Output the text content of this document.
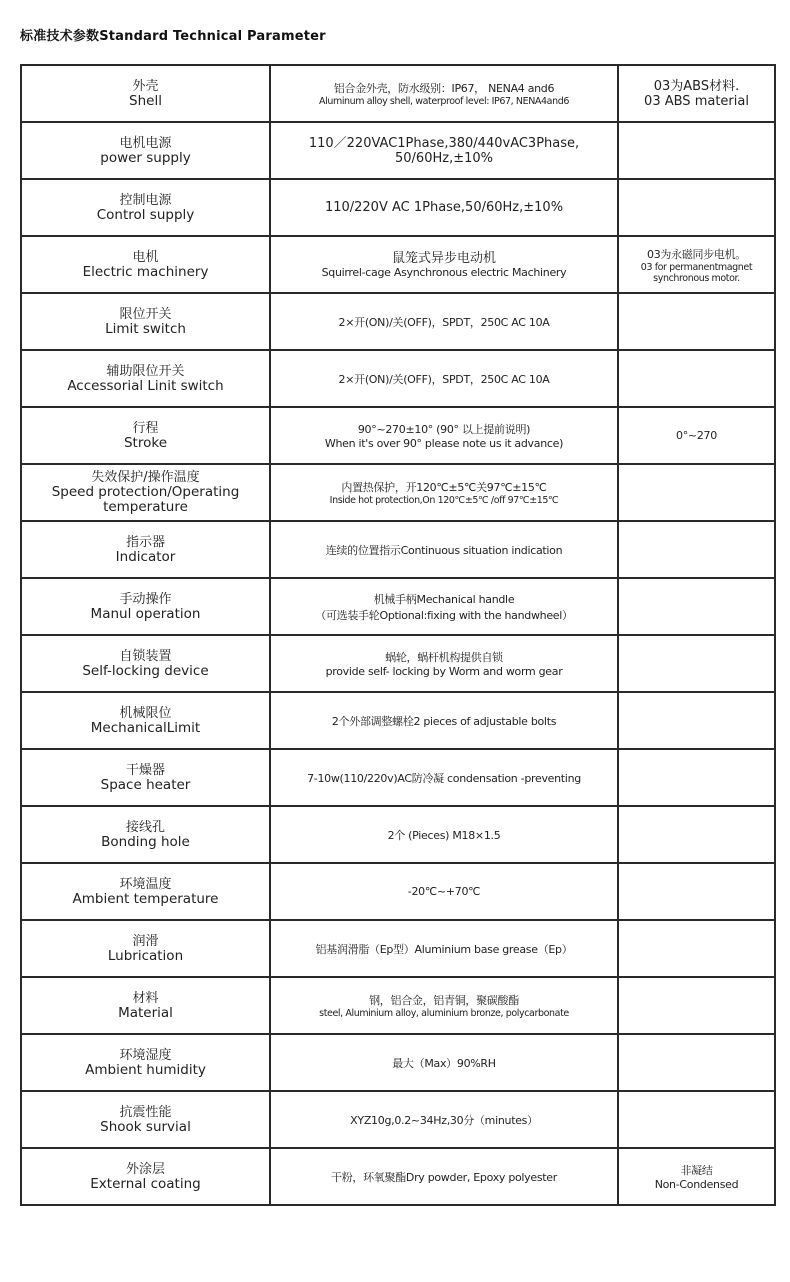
标准技术参数Standard Technical Parameter
外壳
Shell	铝合金外壳，防水级别：IP67， NENA4 and6
Aluminum alloy shell, waterproof level: IP67, NENA4and6	03为ABS材料.
03 ABS material

电机电源
power supply	110／220VAC1Phase,380/440vAC3Phase,
50/60Hz,±10%	

控制电源
Control supply	110/220V AC 1Phase,50/60Hz,±10%	

电机
Electric machinery	鼠笼式异步电动机
Squirrel-cage Asynchronous electric Machinery	03为永磁同步电机。
03 for permanentmagnet synchronous motor.

限位开关
Limit switch	2×开(ON)/关(OFF)，SPDT，250C AC 10A	

辅助限位开关
Accessorial Linit switch	2×开(ON)/关(OFF)，SPDT，250C AC 10A	

行程
Stroke	90°~270±10° (90° 以上提前说明)
When it's over 90° please note us it advance)	0°~270

失效保护/操作温度
Speed protection/Operating temperature	内置热保护，开120℃±5℃关97℃±15℃
Inside hot protection,On 120℃±5℃ /off 97℃±15℃	

指示器
Indicator	连续的位置指示Continuous situation indication	

手动操作
Manul operation	机械手柄Mechanical handle
（可选装手轮Optional:fixing with the handwheel）	

自锁装置
Self-locking device	蜗轮，蜗杆机构提供自锁
provide self- locking by Worm and worm gear	

机械限位
MechanicalLimit	2个外部调整螺栓2 pieces of adjustable bolts	

干燥器
Space heater	7-10w(110/220v)AC防冷凝 condensation -preventing	

接线孔
Bonding hole	2个 (Pieces) M18×1.5	

环境温度
Ambient temperature	-20℃~+70℃	

润滑
Lubrication	铝基润滑脂（Ep型）Aluminium base grease（Ep）	

材料
Material	钢，铝合金，铝青铜，聚碳酸酯
steel, Aluminium alloy, aluminium bronze, polycarbonate	

环境湿度
Ambient humidity	最大（Max）90%RH	

抗震性能
Shook survial	XYZ10g,0.2~34Hz,30分（minutes）	

外涂层
External coating	干粉，环氧聚酯Dry powder, Epoxy polyester	非凝结
Non-Condensed
